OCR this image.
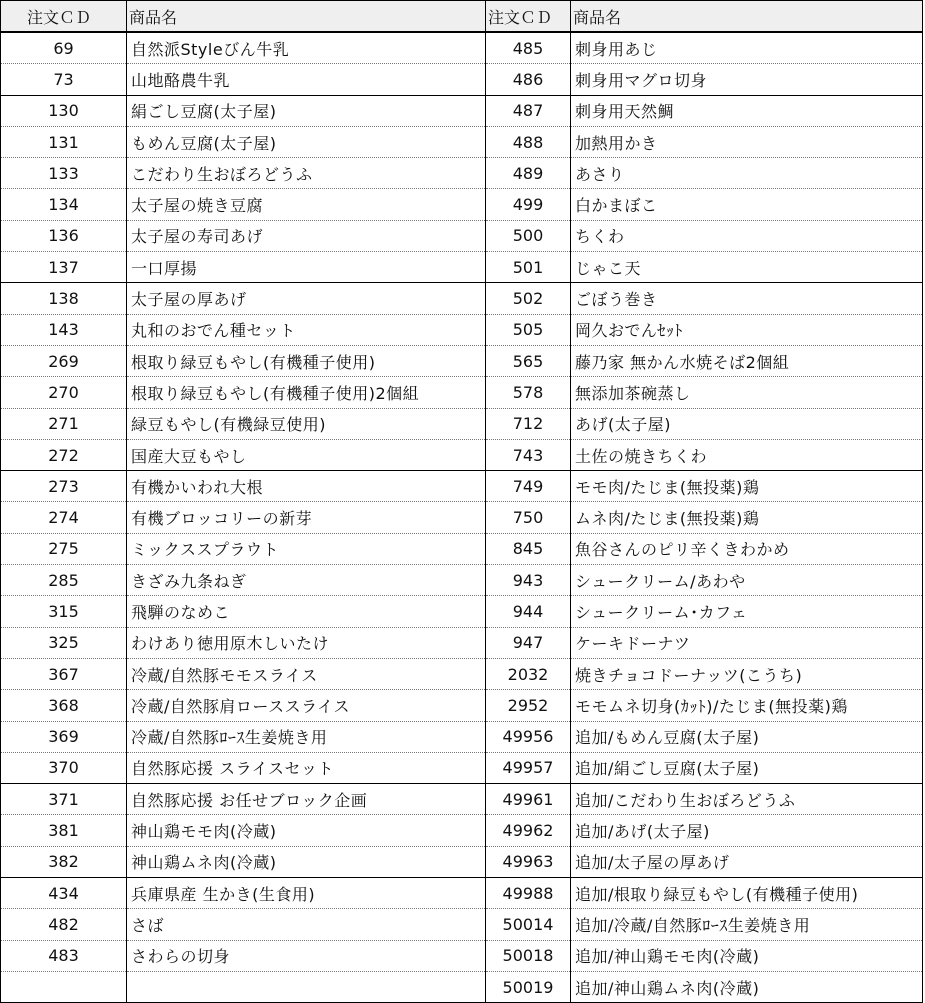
注文ＣＤ	商品名	注文ＣＤ	商品名
69	自然派Styleびん牛乳	485	刺身用あじ
73	山地酪農牛乳	486	刺身用マグロ切身
130	絹ごし豆腐(太子屋)	487	刺身用天然鯛
131	もめん豆腐(太子屋)	488	加熱用かき
133	こだわり生おぼろどうふ	489	あさり
134	太子屋の焼き豆腐	499	白かまぼこ
136	太子屋の寿司あげ	500	ちくわ
137	一口厚揚	501	じゃこ天
138	太子屋の厚あげ	502	ごぼう巻き
143	丸和のおでん種セット	505	岡久おでんｾｯﾄ
269	根取り緑豆もやし(有機種子使用)	565	藤乃家 無かん水焼そば2個組
270	根取り緑豆もやし(有機種子使用)2個組	578	無添加茶碗蒸し
271	緑豆もやし(有機緑豆使用)	712	あげ(太子屋)
272	国産大豆もやし	743	土佐の焼きちくわ
273	有機かいわれ大根	749	モモ肉/たじま(無投薬)鶏
274	有機ブロッコリーの新芽	750	ムネ肉/たじま(無投薬)鶏
275	ミックススプラウト	845	魚谷さんのピリ辛くきわかめ
285	きざみ九条ねぎ	943	シュークリーム/あわや
315	飛騨のなめこ	944	シュークリーム･カフェ
325	わけあり徳用原木しいたけ	947	ケーキドーナツ
367	冷蔵/自然豚モモスライス	2032	焼きチョコドーナッツ(こうち)
368	冷蔵/自然豚肩ローススライス	2952	モモムネ切身(ｶｯﾄ)/たじま(無投薬)鶏
369	冷蔵/自然豚ﾛｰｽ生姜焼き用	49956	追加/もめん豆腐(太子屋)
370	自然豚応援 スライスセット	49957	追加/絹ごし豆腐(太子屋)
371	自然豚応援 お任せブロック企画	49961	追加/こだわり生おぼろどうふ
381	神山鶏モモ肉(冷蔵)	49962	追加/あげ(太子屋)
382	神山鶏ムネ肉(冷蔵)	49963	追加/太子屋の厚あげ
434	兵庫県産 生かき(生食用)	49988	追加/根取り緑豆もやし(有機種子使用)
482	さば	50014	追加/冷蔵/自然豚ﾛｰｽ生姜焼き用
483	さわらの切身	50018	追加/神山鶏モモ肉(冷蔵)
		50019	追加/神山鶏ムネ肉(冷蔵)
